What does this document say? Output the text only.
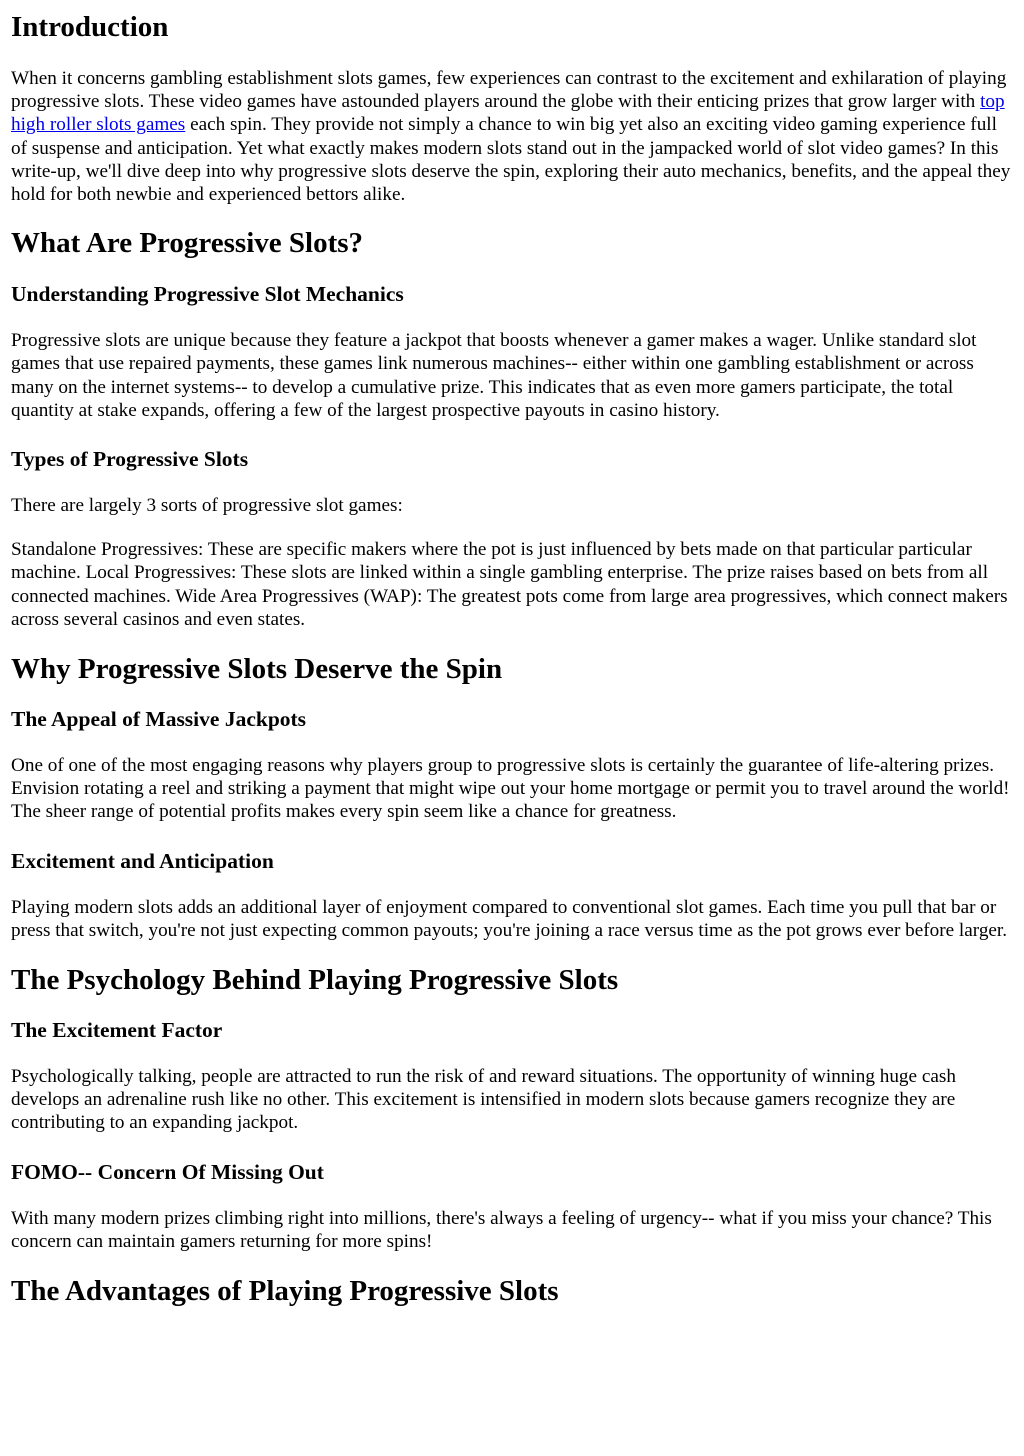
Introduction

When it concerns gambling establishment slots games, few experiences can contrast to the excitement and exhilaration of playing progressive slots. These video games have astounded players around the globe with their enticing prizes that grow larger with top high roller slots games each spin. They provide not simply a chance to win big yet also an exciting video gaming experience full of suspense and anticipation. Yet what exactly makes modern slots stand out in the jampacked world of slot video games? In this write-up, we'll dive deep into why progressive slots deserve the spin, exploring their auto mechanics, benefits, and the appeal they hold for both newbie and experienced bettors alike.

What Are Progressive Slots?
Understanding Progressive Slot Mechanics

Progressive slots are unique because they feature a jackpot that boosts whenever a gamer makes a wager. Unlike standard slot games that use repaired payments, these games link numerous machines-- either within one gambling establishment or across many on the internet systems-- to develop a cumulative prize. This indicates that as even more gamers participate, the total quantity at stake expands, offering a few of the largest prospective payouts in casino history.

Types of Progressive Slots

There are largely 3 sorts of progressive slot games:

Standalone Progressives: These are specific makers where the pot is just influenced by bets made on that particular particular machine. Local Progressives: These slots are linked within a single gambling enterprise. The prize raises based on bets from all connected machines. Wide Area Progressives (WAP): The greatest pots come from large area progressives, which connect makers across several casinos and even states.

Why Progressive Slots Deserve the Spin
The Appeal of Massive Jackpots

One of one of the most engaging reasons why players group to progressive slots is certainly the guarantee of life-altering prizes. Envision rotating a reel and striking a payment that might wipe out your home mortgage or permit you to travel around the world! The sheer range of potential profits makes every spin seem like a chance for greatness.

Excitement and Anticipation

Playing modern slots adds an additional layer of enjoyment compared to conventional slot games. Each time you pull that bar or press that switch, you're not just expecting common payouts; you're joining a race versus time as the pot grows ever before larger.

The Psychology Behind Playing Progressive Slots
The Excitement Factor

Psychologically talking, people are attracted to run the risk of and reward situations. The opportunity of winning huge cash develops an adrenaline rush like no other. This excitement is intensified in modern slots because gamers recognize they are contributing to an expanding jackpot.

FOMO-- Concern Of Missing Out

With many modern prizes climbing right into millions, there's always a feeling of urgency-- what if you miss your chance? This concern can maintain gamers returning for more spins!

The Advantages of Playing Progressive Slots
